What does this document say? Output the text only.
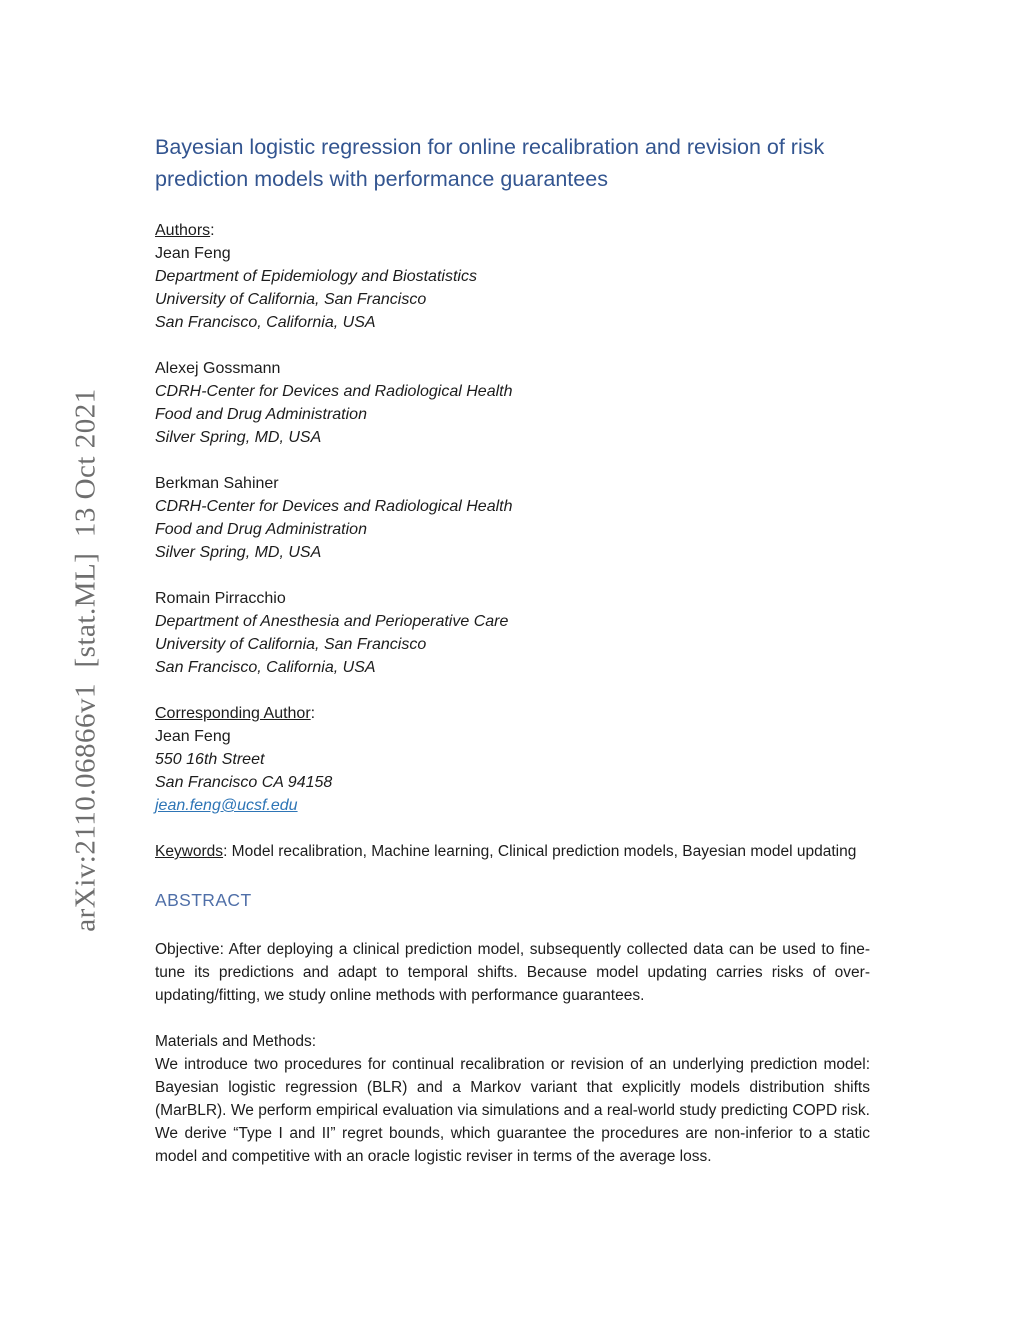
arXiv:2110.06866v1  [stat.ML]  13 Oct 2021
Bayesian logistic regression for online recalibration and revision of risk
prediction models with performance guarantees
Authors:
Jean Feng
Department of Epidemiology and Biostatistics
University of California, San Francisco
San Francisco, California, USA
Alexej Gossmann
CDRH-Center for Devices and Radiological Health
Food and Drug Administration
Silver Spring, MD, USA
Berkman Sahiner
CDRH-Center for Devices and Radiological Health
Food and Drug Administration
Silver Spring, MD, USA
Romain Pirracchio
Department of Anesthesia and Perioperative Care
University of California, San Francisco
San Francisco, California, USA
Corresponding Author:
Jean Feng
550 16th Street
San Francisco CA 94158
jean.feng@ucsf.edu

Keywords: Model recalibration, Machine learning, Clinical prediction models, Bayesian model updating

ABSTRACT

Objective: After deploying a clinical prediction model, subsequently collected data can be used to fine-tune its predictions and adapt to temporal shifts. Because model updating carries risks of over-updating/fitting, we study online methods with performance guarantees.

Materials and Methods:

We introduce two procedures for continual recalibration or revision of an underlying prediction model: Bayesian logistic regression (BLR) and a Markov variant that explicitly models distribution shifts (MarBLR). We perform empirical evaluation via simulations and a real-world study predicting COPD risk. We derive “Type I and II” regret bounds, which guarantee the procedures are non-inferior to a static model and competitive with an oracle logistic reviser in terms of the average loss.
